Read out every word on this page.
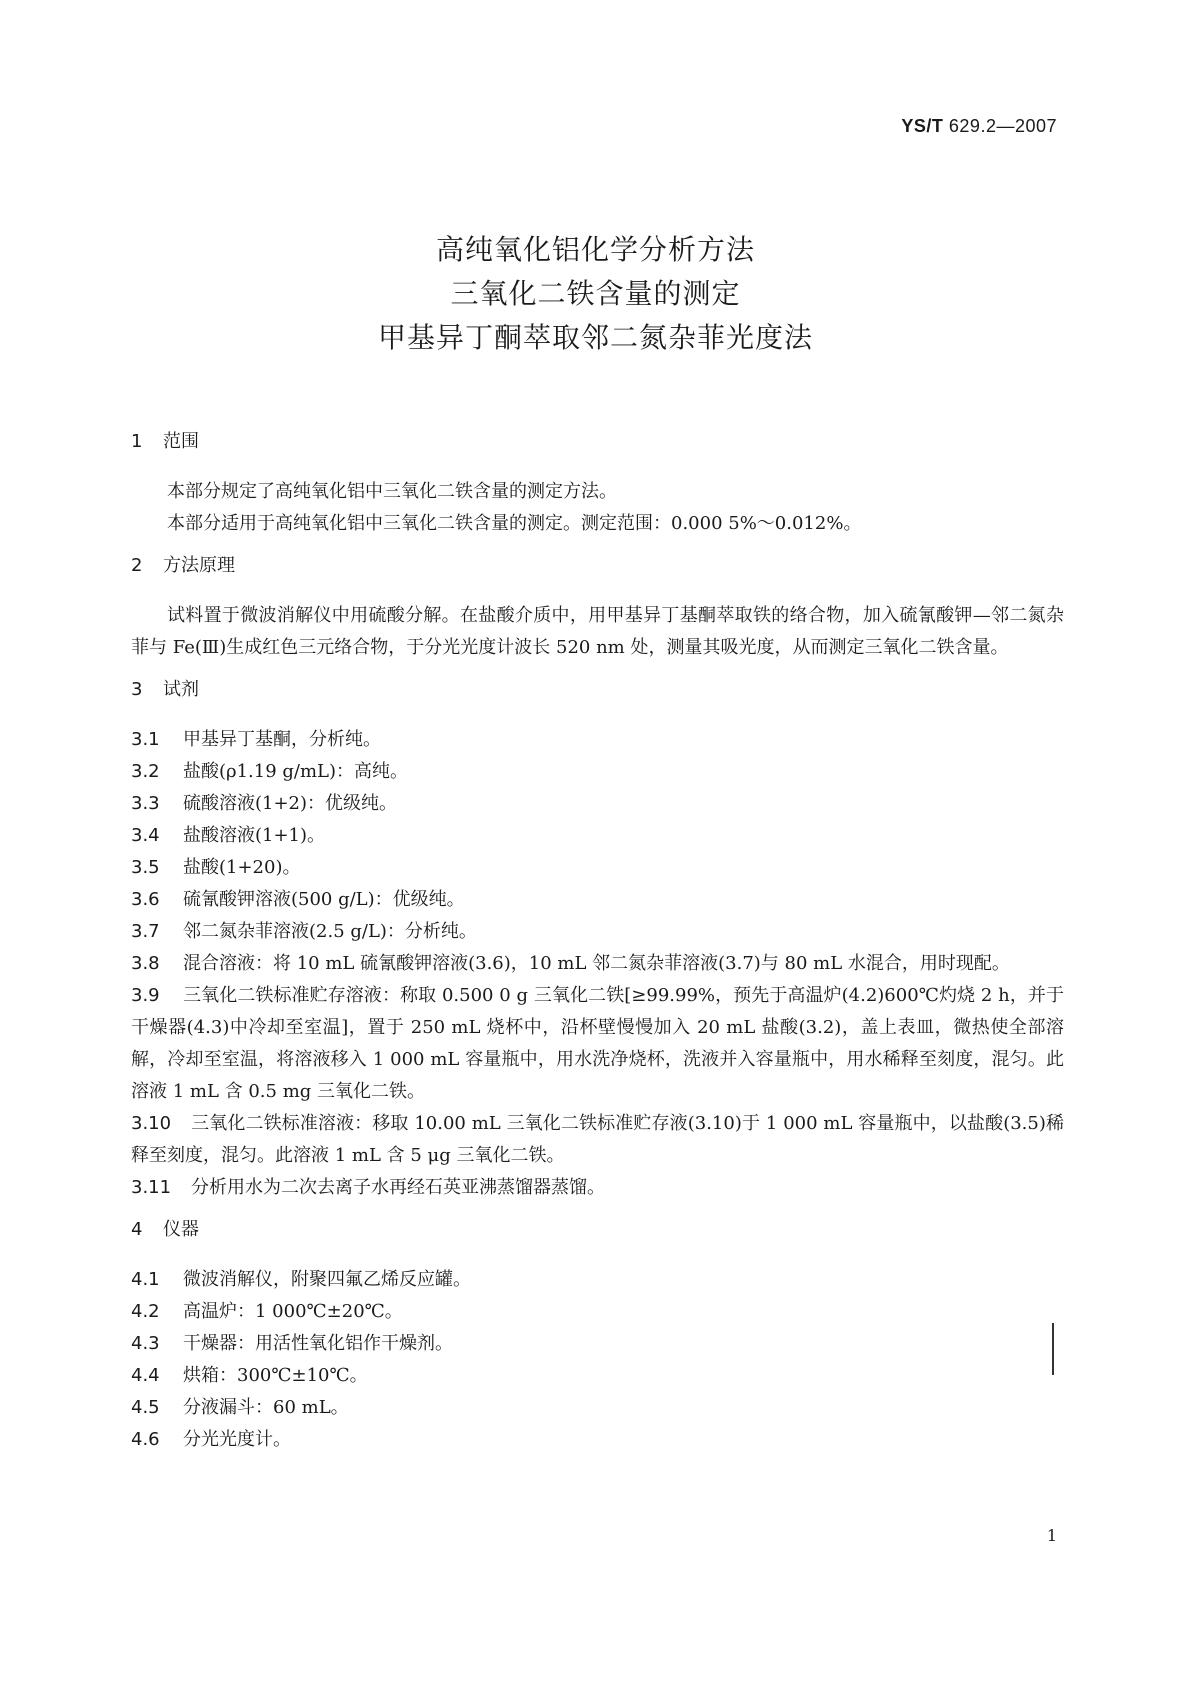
YS/T 629.2—2007
高纯氧化铝化学分析方法
三氧化二铁含量的测定
甲基异丁酮萃取邻二氮杂菲光度法
1 范围

本部分规定了高纯氧化铝中三氧化二铁含量的测定方法。

本部分适用于高纯氧化铝中三氧化二铁含量的测定。测定范围：0.000 5%～0.012%。

2 方法原理

试料置于微波消解仪中用硫酸分解。在盐酸介质中，用甲基异丁基酮萃取铁的络合物，加入硫氰酸钾—邻二氮杂菲与 Fe(Ⅲ)生成红色三元络合物，于分光光度计波长 520 nm 处，测量其吸光度，从而测定三氧化二铁含量。

3 试剂

3.1 甲基异丁基酮，分析纯。

3.2 盐酸(ρ1.19 g/mL)：高纯。

3.3 硫酸溶液(1+2)：优级纯。

3.4 盐酸溶液(1+1)。

3.5 盐酸(1+20)。

3.6 硫氰酸钾溶液(500 g/L)：优级纯。

3.7 邻二氮杂菲溶液(2.5 g/L)：分析纯。

3.8 混合溶液：将 10 mL 硫氰酸钾溶液(3.6)，10 mL 邻二氮杂菲溶液(3.7)与 80 mL 水混合，用时现配。

3.9 三氧化二铁标准贮存溶液：称取 0.500 0 g 三氧化二铁[≥99.99%，预先于高温炉(4.2)600℃灼烧 2 h，并于干燥器(4.3)中冷却至室温]，置于 250 mL 烧杯中，沿杯壁慢慢加入 20 mL 盐酸(3.2)，盖上表皿，微热使全部溶解，冷却至室温，将溶液移入 1 000 mL 容量瓶中，用水洗净烧杯，洗液并入容量瓶中，用水稀释至刻度，混匀。此溶液 1 mL 含 0.5 mg 三氧化二铁。

3.10 三氧化二铁标准溶液：移取 10.00 mL 三氧化二铁标准贮存液(3.10)于 1 000 mL 容量瓶中，以盐酸(3.5)稀释至刻度，混匀。此溶液 1 mL 含 5 μg 三氧化二铁。

3.11 分析用水为二次去离子水再经石英亚沸蒸馏器蒸馏。

4 仪器

4.1 微波消解仪，附聚四氟乙烯反应罐。

4.2 高温炉：1 000℃±20℃。

4.3 干燥器：用活性氧化铝作干燥剂。

4.4 烘箱：300℃±10℃。

4.5 分液漏斗：60 mL。

4.6 分光光度计。

1
